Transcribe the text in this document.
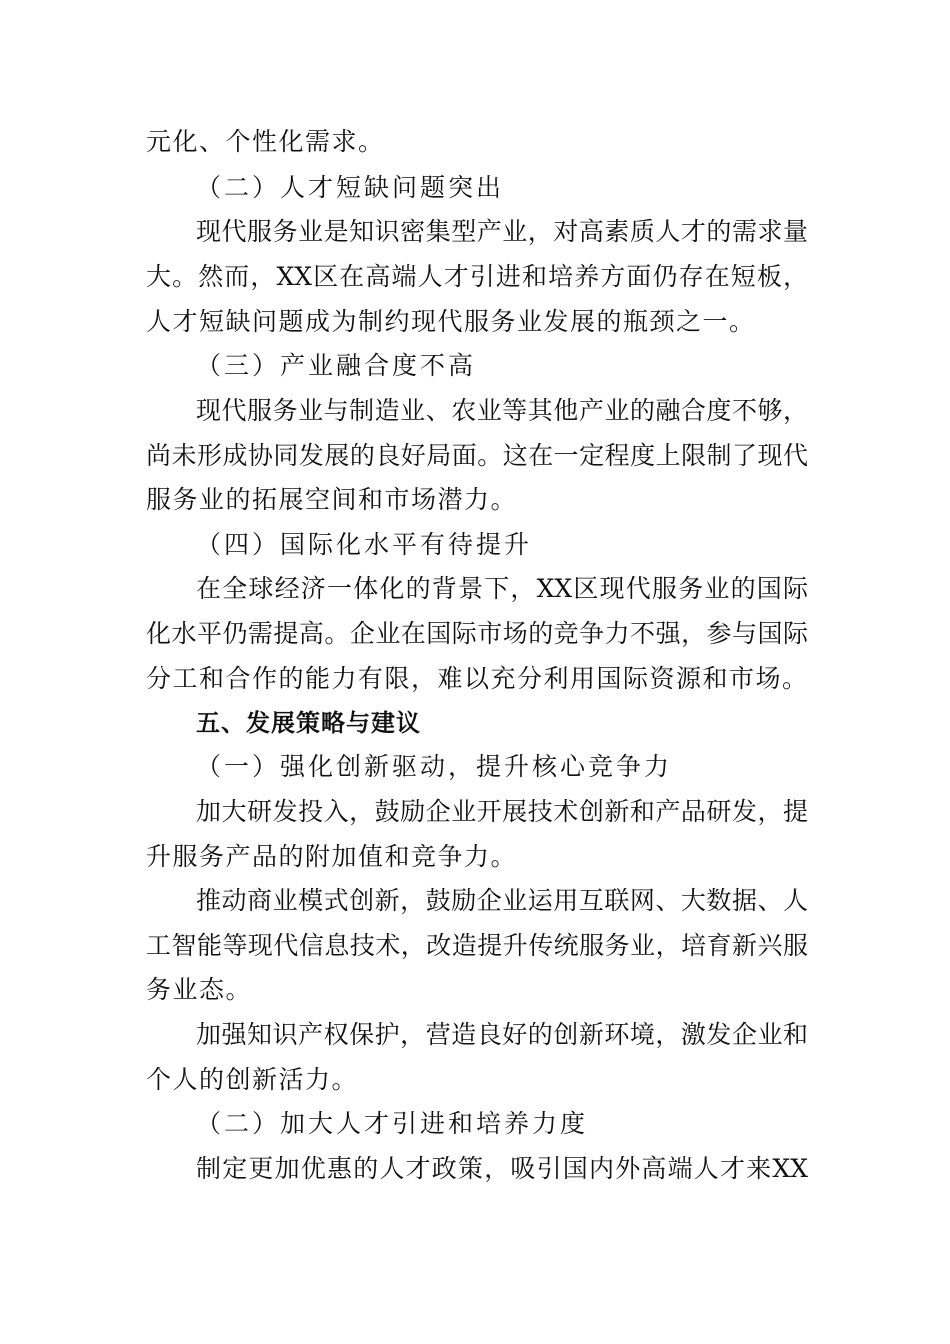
元化、个性化需求。
（二）人才短缺问题突出
现代服务业是知识密集型产业，对高素质人才的需求量
大。然而，XX区在高端人才引进和培养方面仍存在短板，
人才短缺问题成为制约现代服务业发展的瓶颈之一。
（三）产业融合度不高
现代服务业与制造业、农业等其他产业的融合度不够，
尚未形成协同发展的良好局面。这在一定程度上限制了现代
服务业的拓展空间和市场潜力。
（四）国际化水平有待提升
在全球经济一体化的背景下，XX区现代服务业的国际
化水平仍需提高。企业在国际市场的竞争力不强，参与国际
分工和合作的能力有限，难以充分利用国际资源和市场。
五、发展策略与建议
（一）强化创新驱动，提升核心竞争力
加大研发投入，鼓励企业开展技术创新和产品研发，提
升服务产品的附加值和竞争力。
推动商业模式创新，鼓励企业运用互联网、大数据、人
工智能等现代信息技术，改造提升传统服务业，培育新兴服
务业态。
加强知识产权保护，营造良好的创新环境，激发企业和
个人的创新活力。
（二）加大人才引进和培养力度
制定更加优惠的人才政策，吸引国内外高端人才来XX
